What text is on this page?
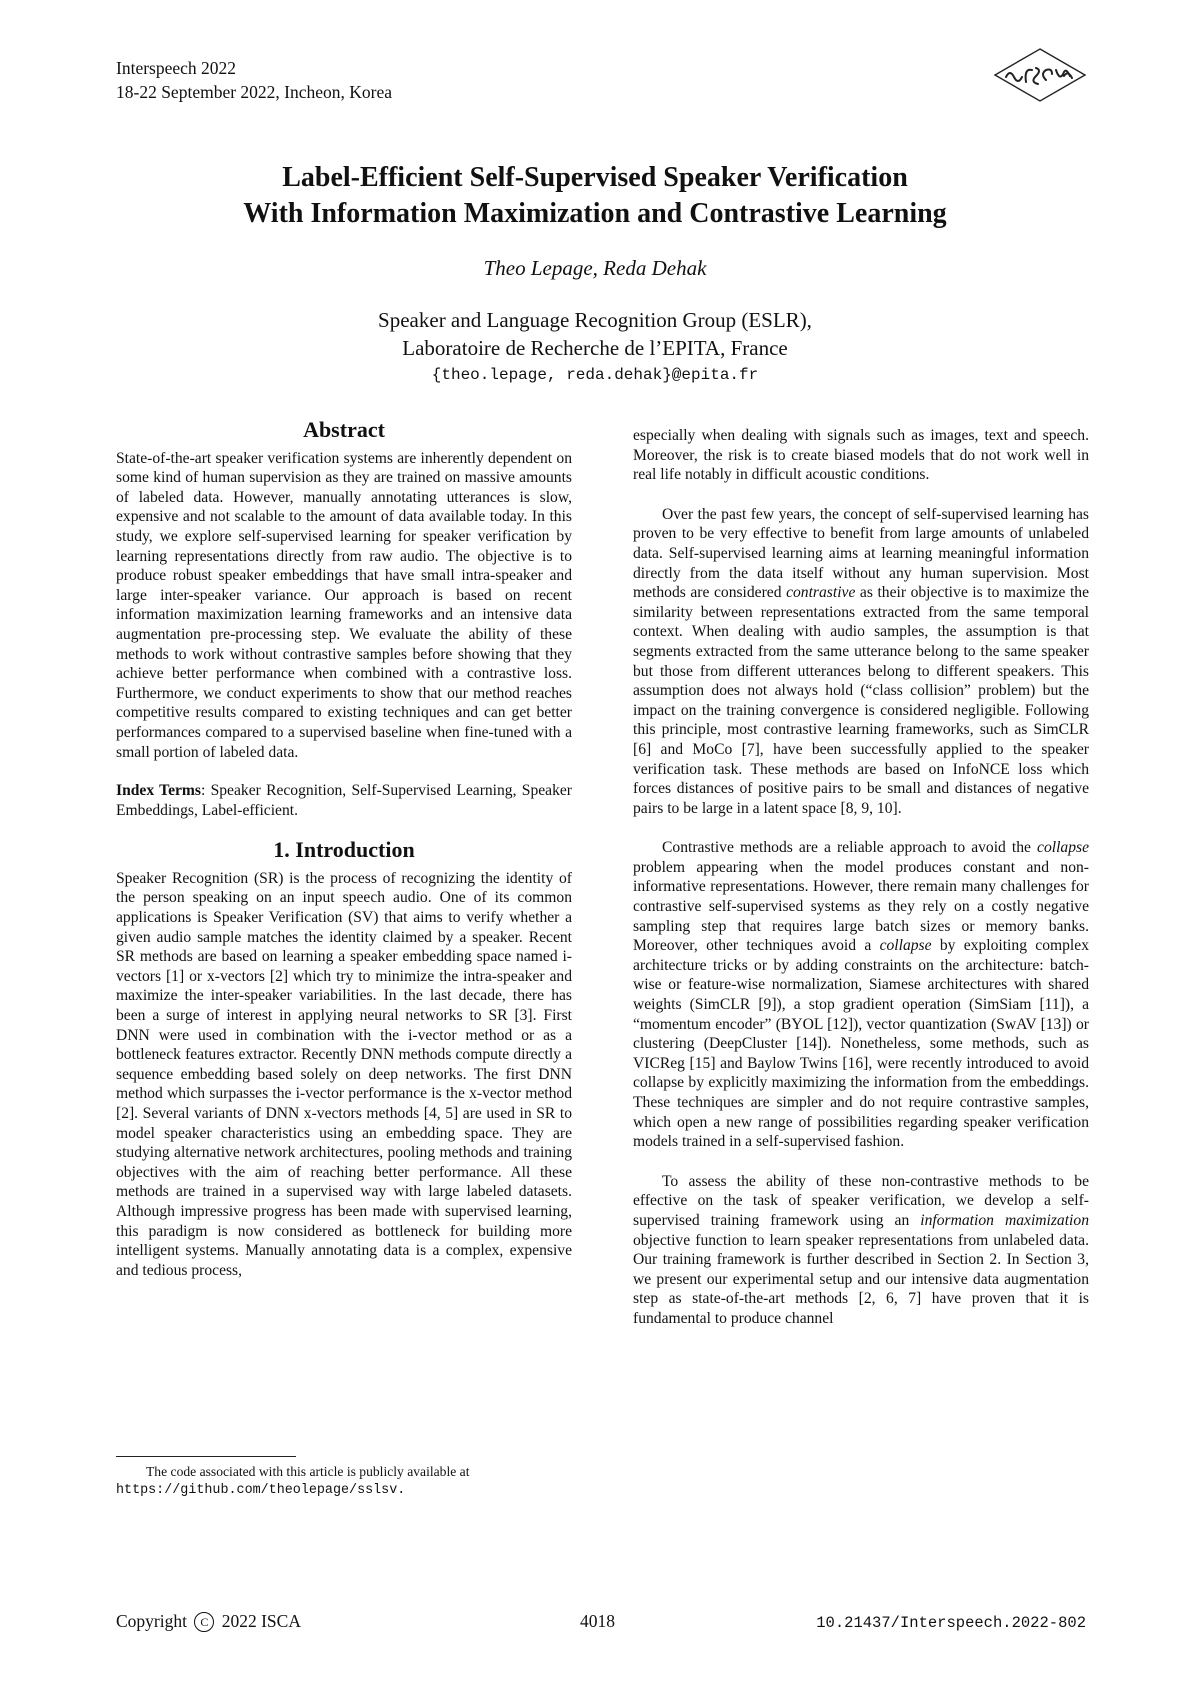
Interspeech 2022
18-22 September 2022, Incheon, Korea
Label-Efficient Self-Supervised Speaker Verification
With Information Maximization and Contrastive Learning
Theo Lepage, Reda Dehak
Speaker and Language Recognition Group (ESLR),
Laboratoire de Recherche de l’EPITA, France
{theo.lepage, reda.dehak}@epita.fr
Abstract

State-of-the-art speaker verification systems are inherently dependent on some kind of human supervision as they are trained on massive amounts of labeled data. However, manually annotating utterances is slow, expensive and not scalable to the amount of data available today. In this study, we explore self-supervised learning for speaker verification by learning representations directly from raw audio. The objective is to produce robust speaker embeddings that have small intra-speaker and large inter-speaker variance. Our approach is based on recent information maximization learning frameworks and an intensive data augmentation pre-processing step. We evaluate the ability of these methods to work without contrastive samples before showing that they achieve better performance when combined with a contrastive loss. Furthermore, we conduct experiments to show that our method reaches competitive results compared to existing techniques and can get better performances compared to a supervised baseline when fine-tuned with a small portion of labeled data.

Index Terms: Speaker Recognition, Self-Supervised Learning, Speaker Embeddings, Label-efficient.

1. Introduction

Speaker Recognition (SR) is the process of recognizing the identity of the person speaking on an input speech audio. One of its common applications is Speaker Verification (SV) that aims to verify whether a given audio sample matches the identity claimed by a speaker. Recent SR methods are based on learning a speaker embedding space named i-vectors [1] or x-vectors [2] which try to minimize the intra-speaker and maximize the inter-speaker variabilities. In the last decade, there has been a surge of interest in applying neural networks to SR [3]. First DNN were used in combination with the i-vector method or as a bottleneck features extractor. Recently DNN methods compute directly a sequence embedding based solely on deep networks. The first DNN method which surpasses the i-vector performance is the x-vector method [2]. Several variants of DNN x-vectors methods [4, 5] are used in SR to model speaker characteristics using an embedding space. They are studying alternative network architectures, pooling methods and training objectives with the aim of reaching better performance. All these methods are trained in a supervised way with large labeled datasets. Although impressive progress has been made with supervised learning, this paradigm is now considered as bottleneck for building more intelligent systems. Manually annotating data is a complex, expensive and tedious process,

especially when dealing with signals such as images, text and speech. Moreover, the risk is to create biased models that do not work well in real life notably in difficult acoustic conditions.

Over the past few years, the concept of self-supervised learning has proven to be very effective to benefit from large amounts of unlabeled data. Self-supervised learning aims at learning meaningful information directly from the data itself without any human supervision. Most methods are considered contrastive as their objective is to maximize the similarity between representations extracted from the same temporal context. When dealing with audio samples, the assumption is that segments extracted from the same utterance belong to the same speaker but those from different utterances belong to different speakers. This assumption does not always hold (“class collision” problem) but the impact on the training convergence is considered negligible. Following this principle, most contrastive learning frameworks, such as SimCLR [6] and MoCo [7], have been successfully applied to the speaker verification task. These methods are based on InfoNCE loss which forces distances of positive pairs to be small and distances of negative pairs to be large in a latent space [8, 9, 10].

Contrastive methods are a reliable approach to avoid the collapse problem appearing when the model produces constant and non-informative representations. However, there remain many challenges for contrastive self-supervised systems as they rely on a costly negative sampling step that requires large batch sizes or memory banks. Moreover, other techniques avoid a collapse by exploiting complex architecture tricks or by adding constraints on the architecture: batch-wise or feature-wise normalization, Siamese architectures with shared weights (SimCLR [9]), a stop gradient operation (SimSiam [11]), a “momentum encoder” (BYOL [12]), vector quantization (SwAV [13]) or clustering (DeepCluster [14]). Nonetheless, some methods, such as VICReg [15] and Baylow Twins [16], were recently introduced to avoid collapse by explicitly maximizing the information from the embeddings. These techniques are simpler and do not require contrastive samples, which open a new range of possibilities regarding speaker verification models trained in a self-supervised fashion.

To assess the ability of these non-contrastive methods to be effective on the task of speaker verification, we develop a self-supervised training framework using an information maximization objective function to learn speaker representations from unlabeled data. Our training framework is further described in Section 2. In Section 3, we present our experimental setup and our intensive data augmentation step as state-of-the-art methods [2, 6, 7] have proven that it is fundamental to produce channel

The code associated with this article is publicly available at
https://github.com/theolepage/sslsv.
Copyright C 2022 ISCA	4018	10.21437/Interspeech.2022-802
